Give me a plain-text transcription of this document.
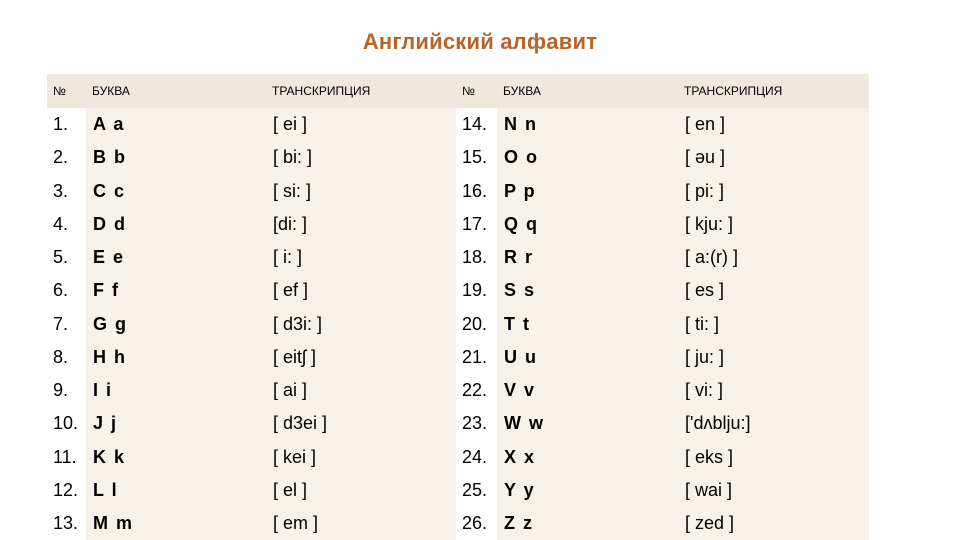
Английский алфавит
№	БУКВА	ТРАНСКРИПЦИЯ	№	БУКВА	ТРАНСКРИПЦИЯ
1.	A a	[ ei ]	14.	N n	[ en ]
2.	B b	[ bi: ]	15.	O o	[ əu ]
3.	C c	[ si: ]	16.	P p	[ pi: ]
4.	D d	[di: ]	17.	Q q	[ kju: ]
5.	E e	[ i: ]	18.	R r	[ a:(r) ]
6.	F f	[ ef ]	19.	S s	[ es ]
7.	G g	[ d3i: ]	20.	T t	[ ti: ]
8.	H h	[ eitʃ ]	21.	U u	[ ju: ]
9.	I i	[ ai ]	22.	V v	[ vi: ]
10.	J j	[ d3ei ]	23.	W w	['dʌblju:]
11.	K k	[ kei ]	24.	X x	[ eks ]
12.	L l	[ el ]	25.	Y y	[ wai ]
13.	M m	[ em ]	26.	Z z	[ zed ]
